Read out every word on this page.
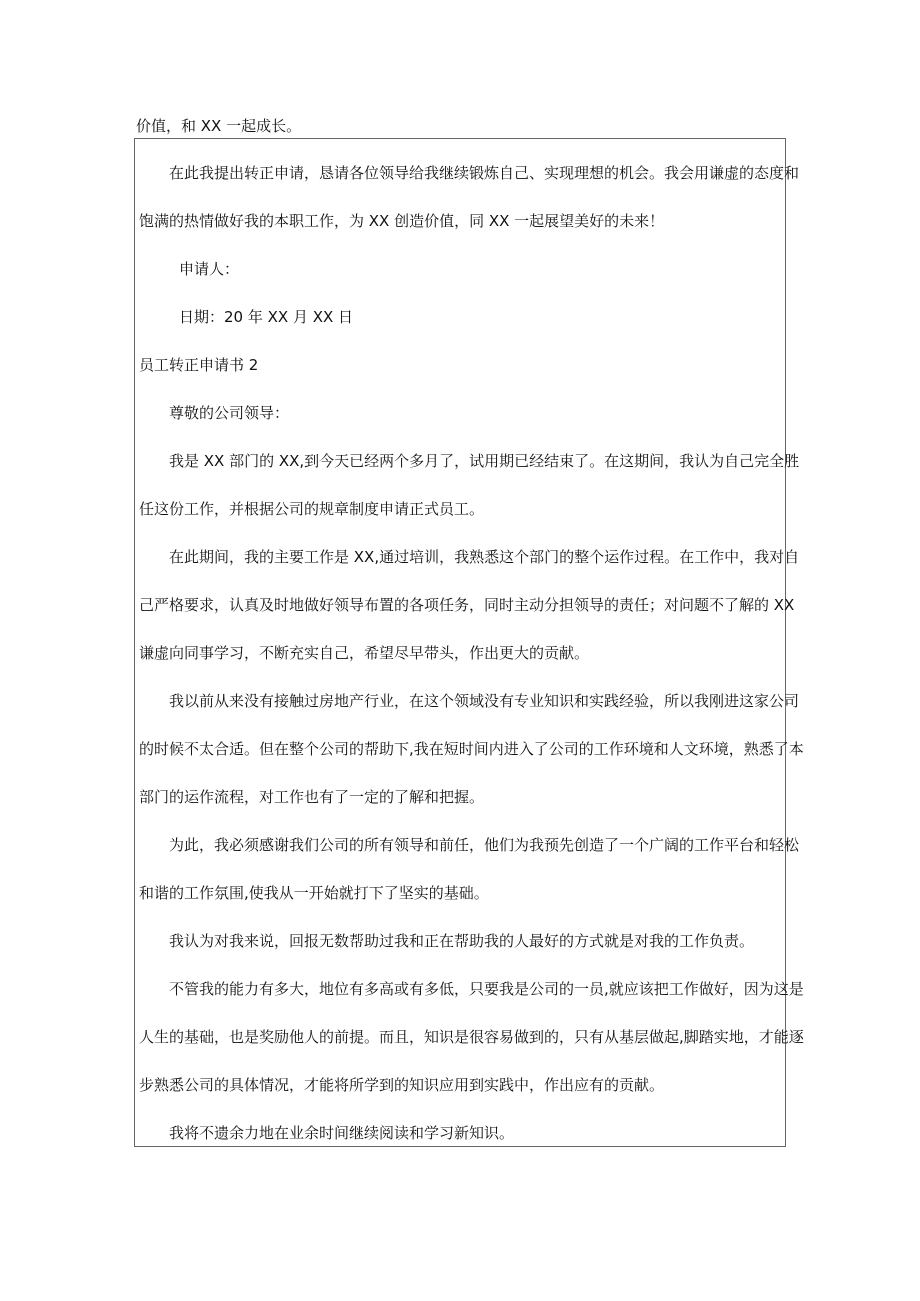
价值，和 XX 一起成长。
在此我提出转正申请，恳请各位领导给我继续锻炼自己、实现理想的机会。我会用谦虚的态度和
饱满的热情做好我的本职工作，为 XX 创造价值，同 XX 一起展望美好的未来！
申请人：
日期：20 年 XX 月 XX 日
员工转正申请书 2
尊敬的公司领导：
我是 XX 部门的 XX,到今天已经两个多月了，试用期已经结束了。在这期间，我认为自己完全胜
任这份工作，并根据公司的规章制度申请正式员工。
在此期间，我的主要工作是 XX,通过培训，我熟悉这个部门的整个运作过程。在工作中，我对自
己严格要求，认真及时地做好领导布置的各项任务，同时主动分担领导的责任；对问题不了解的 XX
谦虚向同事学习，不断充实自己，希望尽早带头，作出更大的贡献。
我以前从来没有接触过房地产行业，在这个领域没有专业知识和实践经验，所以我刚进这家公司
的时候不太合适。但在整个公司的帮助下,我在短时间内进入了公司的工作环境和人文环境，熟悉了本
部门的运作流程，对工作也有了一定的了解和把握。
为此，我必须感谢我们公司的所有领导和前任，他们为我预先创造了一个广阔的工作平台和轻松
和谐的工作氛围,使我从一开始就打下了坚实的基础。
我认为对我来说，回报无数帮助过我和正在帮助我的人最好的方式就是对我的工作负责。
不管我的能力有多大，地位有多高或有多低，只要我是公司的一员,就应该把工作做好，因为这是
人生的基础，也是奖励他人的前提。而且，知识是很容易做到的，只有从基层做起,脚踏实地，才能逐
步熟悉公司的具体情况，才能将所学到的知识应用到实践中，作出应有的贡献。
我将不遗余力地在业余时间继续阅读和学习新知识。
